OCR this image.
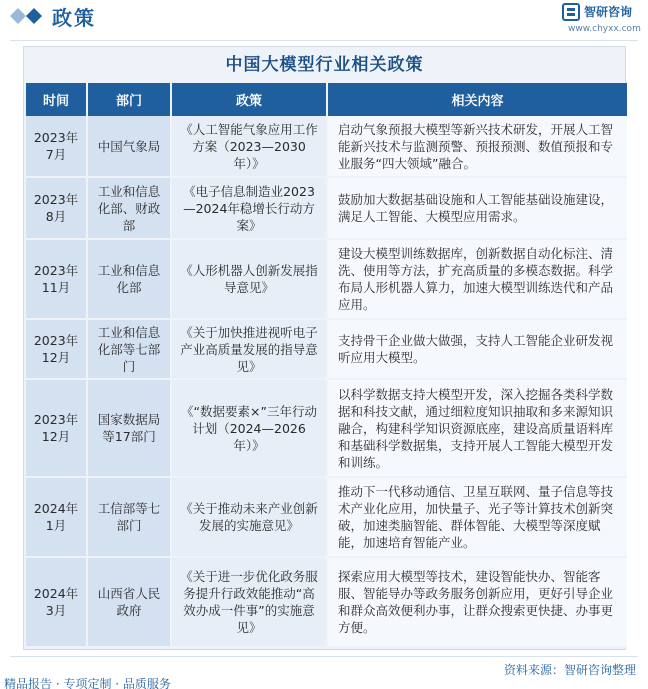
政策	智研咨询
www.chyxx.com
中国大模型行业相关政策
时间	部门	政策	相关内容
2023年7月	中国气象局	《人工智能气象应用工作方案（2023—2030年）》	启动气象预报大模型等新兴技术研发，开展人工智能新兴技术与监测预警、预报预测、数值预报和专业服务“四大领域”融合。
2023年8月	工业和信息化部、财政部	《电子信息制造业2023—2024年稳增长行动方案》	鼓励加大数据基础设施和人工智能基础设施建设，满足人工智能、大模型应用需求。
2023年11月	工业和信息化部	《人形机器人创新发展指导意见》	建设大模型训练数据库，创新数据自动化标注、清洗、使用等方法，扩充高质量的多模态数据。科学布局人形机器人算力，加速大模型训练迭代和产品应用。
2023年12月	工业和信息化部等七部门	《关于加快推进视听电子产业高质量发展的指导意见》	支持骨干企业做大做强，支持人工智能企业研发视听应用大模型。
2023年12月	国家数据局等17部门	《“数据要素×”三年行动计划（2024—2026年）》	以科学数据支持大模型开发，深入挖掘各类科学数据和科技文献，通过细粒度知识抽取和多来源知识融合，构建科学知识资源底座，建设高质量语料库和基础科学数据集，支持开展人工智能大模型开发和训练。
2024年1月	工信部等七部门	《关于推动未来产业创新发展的实施意见》	推动下一代移动通信、卫星互联网、量子信息等技术产业化应用，加快量子、光子等计算技术创新突破，加速类脑智能、群体智能、大模型等深度赋能，加速培育智能产业。
2024年3月	山西省人民政府	《关于进一步优化政务服务提升行政效能推动“高效办成一件事”的实施意见》	探索应用大模型等技术，建设智能快办、智能客服、智能导办等政务服务创新应用，更好引导企业和群众高效便利办事，让群众搜索更快捷、办事更方便。
资料来源：智研咨询整理
精品报告 · 专项定制 · 品质服务
